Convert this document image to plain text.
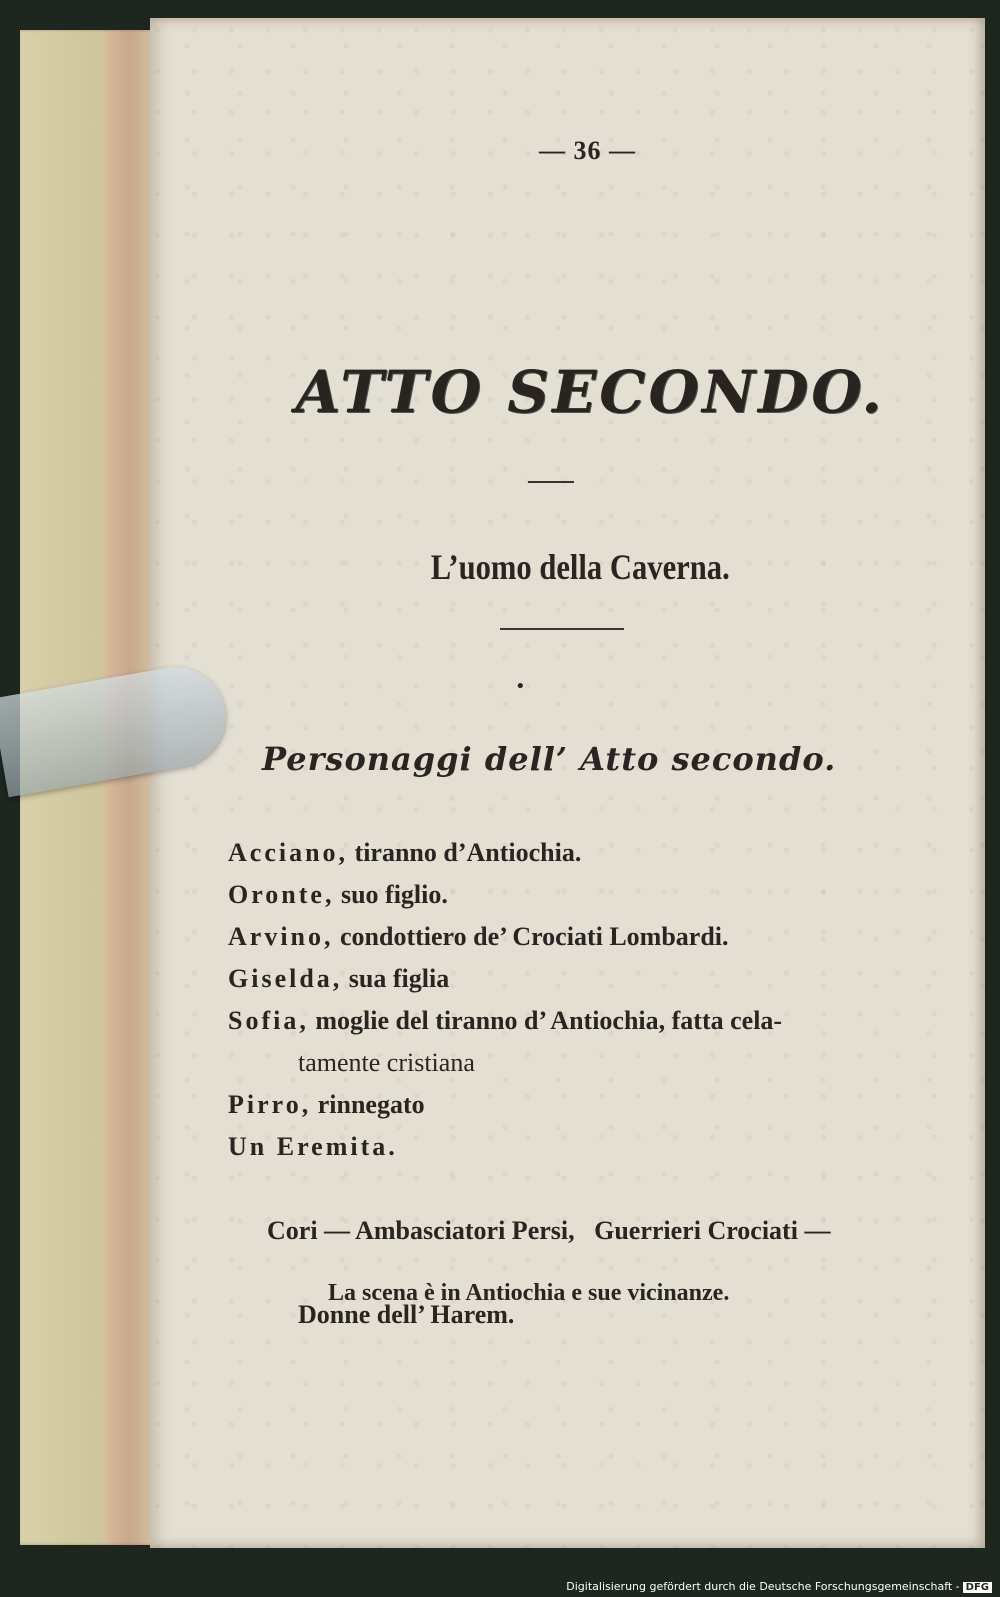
— 36 —
ATTO SECONDO.
L’uomo della Caverna.
•
Personaggi dell’ Atto secondo.
Acciano, tiranno d’Antiochia.
Oronte, suo figlio.
Arvino, condottiero de’ Crociati Lombardi.
Giselda, sua figlia
Sofia, moglie del tiranno d’ Antiochia, fatta cela-
tamente cristiana
Pirro, rinnegato
Un Eremita.

Cori — Ambasciatori Persi,   Guerrieri Crociati —

Donne dell’ Harem.
La scena è in Antiochia e sue vicinanze.
Digitalisierung gefördert durch die Deutsche Forschungsgemeinschaft - DFG
